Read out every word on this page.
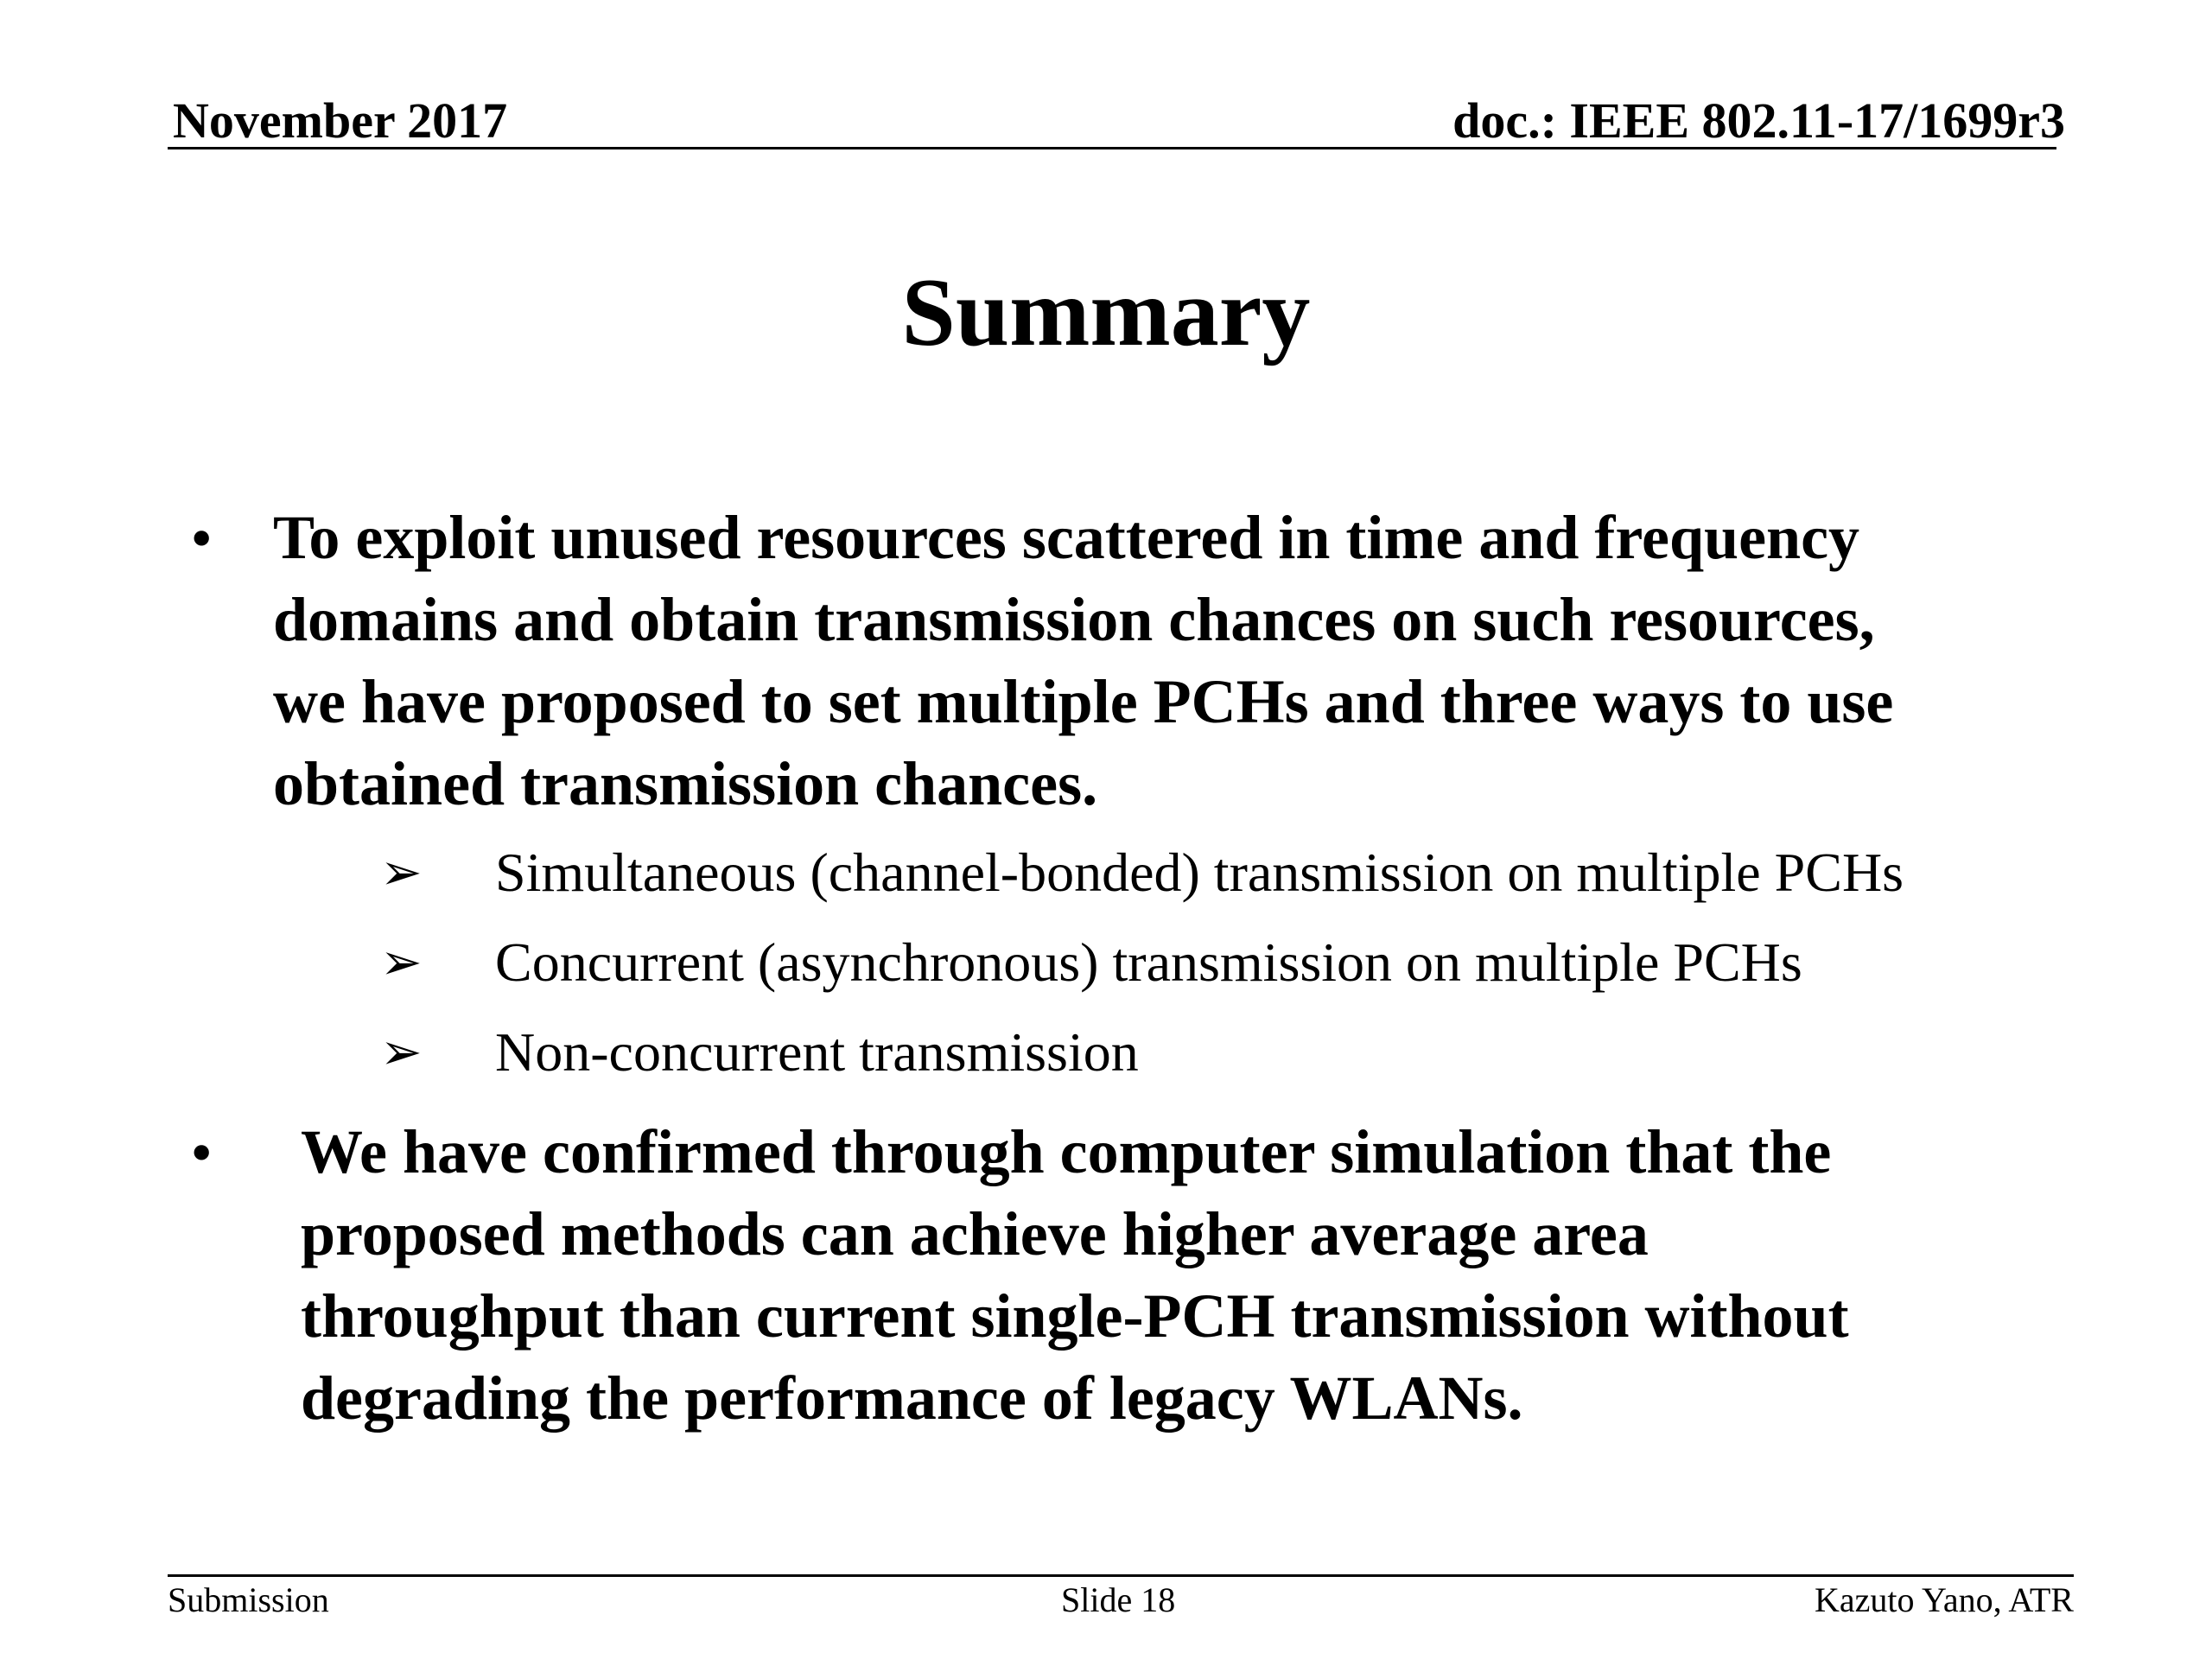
November 2017	doc.: IEEE 802.11-17/1699r3
Summary
• To exploit unused resources scattered in time and frequency
domains and obtain transmission chances on such resources,
we have proposed to set multiple PCHs and three ways to use
obtained transmission chances.
➢ Simultaneous (channel-bonded) transmission on multiple PCHs
➢ Concurrent (asynchronous) transmission on multiple PCHs
➢ Non-concurrent transmission
• We have confirmed through computer simulation that the
proposed methods can achieve higher average area
throughput than current single-PCH transmission without
degrading the performance of legacy WLANs.
Submission	Slide 18	Kazuto Yano, ATR
